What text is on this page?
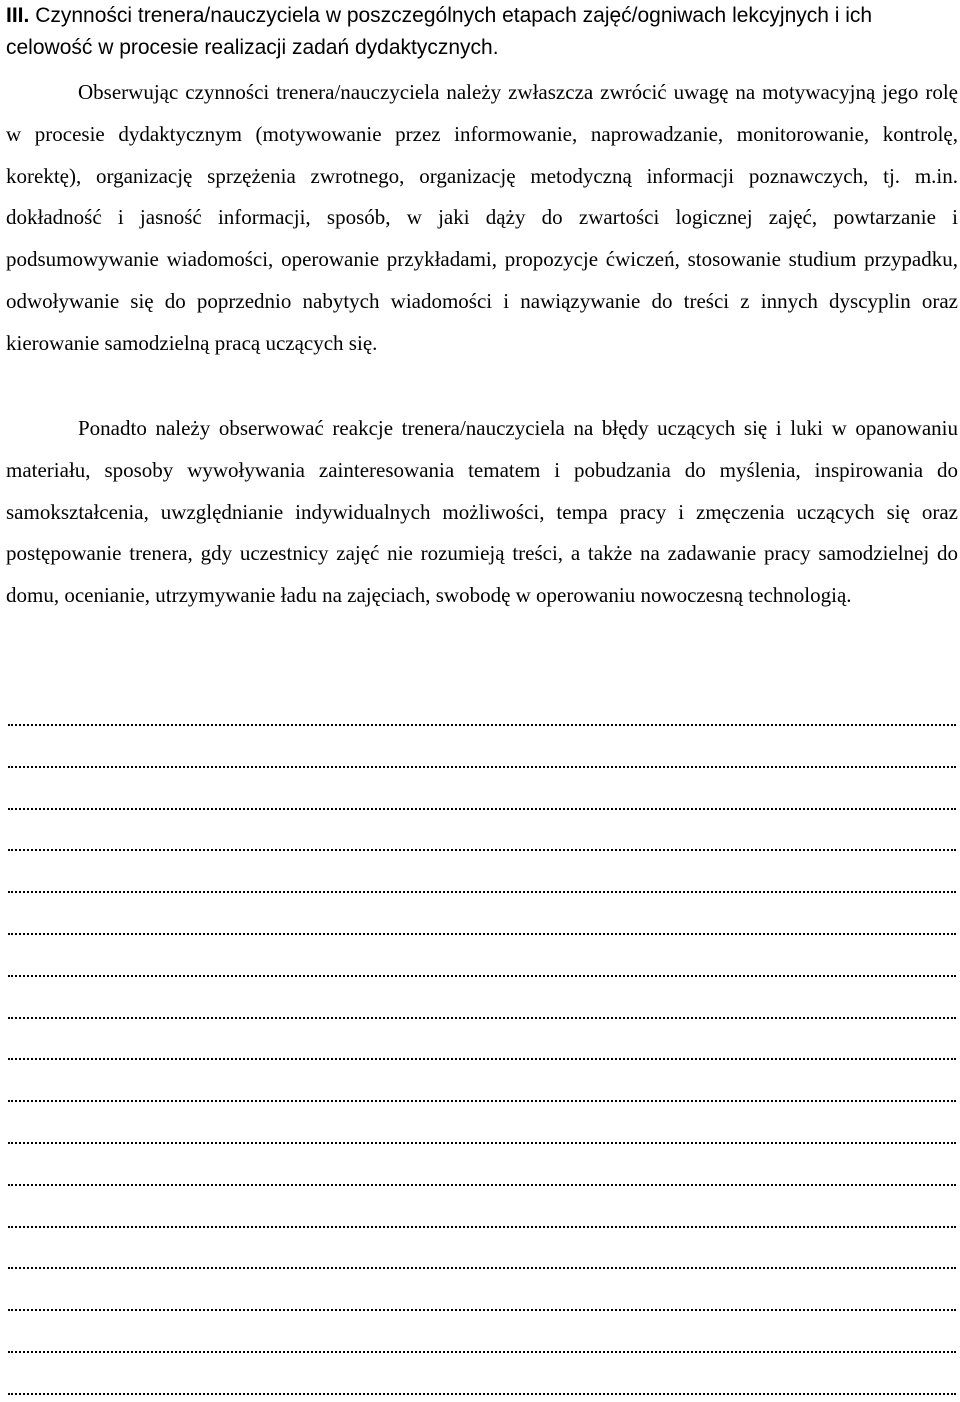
III. Czynności trenera/nauczyciela w poszczególnych etapach zajęć/ogniwach lekcyjnych i ich celowość w procesie realizacji zadań dydaktycznych.

Obserwując czynności trenera/nauczyciela należy zwłaszcza zwrócić uwagę na motywacyjną jego rolę w procesie dydaktycznym (motywowanie przez informowanie, naprowadzanie, monitorowanie, kontrolę, korektę), organizację sprzężenia zwrotnego, organizację metodyczną informacji poznawczych, tj. m.in. dokładność i jasność informacji, sposób, w jaki dąży do zwartości logicznej zajęć, powtarzanie i podsumowywanie wiadomości, operowanie przykładami, propozycje ćwiczeń, stosowanie studium przypadku, odwoływanie się do poprzednio nabytych wiadomości i nawiązywanie do treści z innych dyscyplin oraz kierowanie samodzielną pracą uczących się.

Ponadto należy obserwować reakcje trenera/nauczyciela na błędy uczących się i luki w opanowaniu materiału, sposoby wywoływania zainteresowania tematem i pobudzania do myślenia, inspirowania do samokształcenia, uwzględnianie indywidualnych możliwości, tempa pracy i zmęczenia uczących się oraz postępowanie trenera, gdy uczestnicy zajęć nie rozumieją treści, a także na zadawanie pracy samodzielnej do domu, ocenianie, utrzymywanie ładu na zajęciach, swobodę w operowaniu nowoczesną technologią.
